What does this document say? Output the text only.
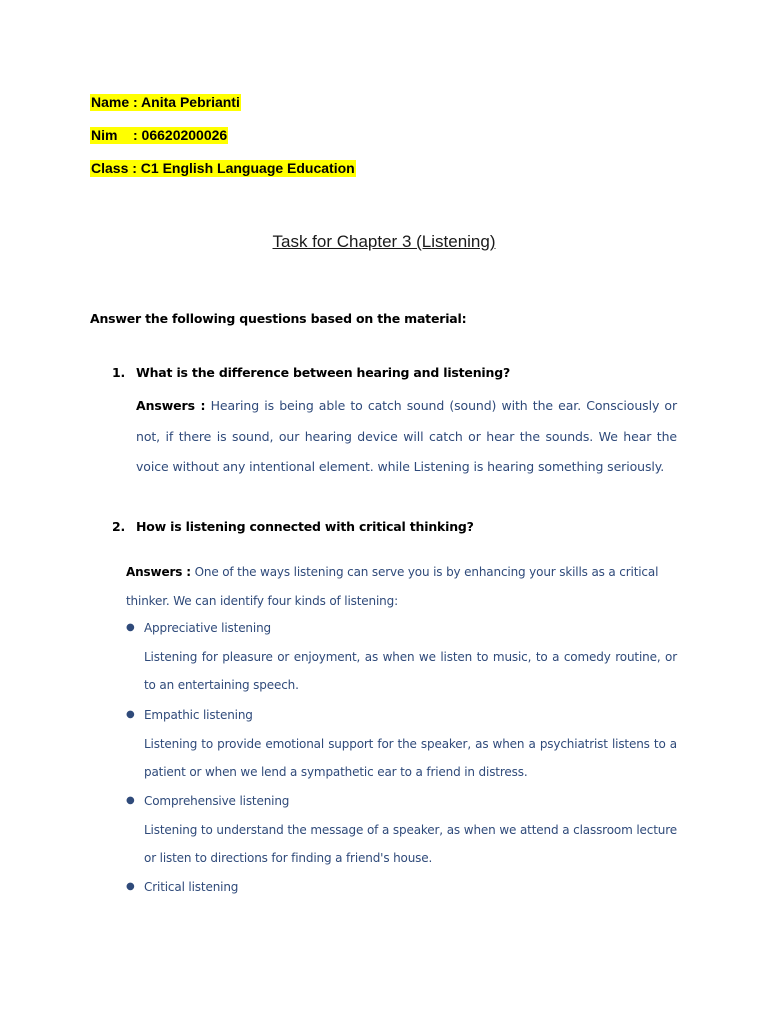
Name : Anita Pebrianti
Nim    : 06620200026
Class : C1 English Language Education
Task for Chapter 3 (Listening)
Answer the following questions based on the material:
1. What is the difference between hearing and listening?
Answers : Hearing is being able to catch sound (sound) with the ear. Consciously or not, if there is sound, our hearing device will catch or hear the sounds. We hear the voice without any intentional element. while Listening is hearing something seriously.
2. How is listening connected with critical thinking?
Answers : One of the ways listening can serve you is by enhancing your skills as a critical thinker. We can identify four kinds of listening:
● Appreciative listening
Listening for pleasure or enjoyment, as when we listen to music, to a comedy routine, or to an entertaining speech.
● Empathic listening
Listening to provide emotional support for the speaker, as when a psychiatrist listens to a patient or when we lend a sympathetic ear to a friend in distress.
● Comprehensive listening
Listening to understand the message of a speaker, as when we attend a classroom lecture or listen to directions for finding a friend's house.
● Critical listening
